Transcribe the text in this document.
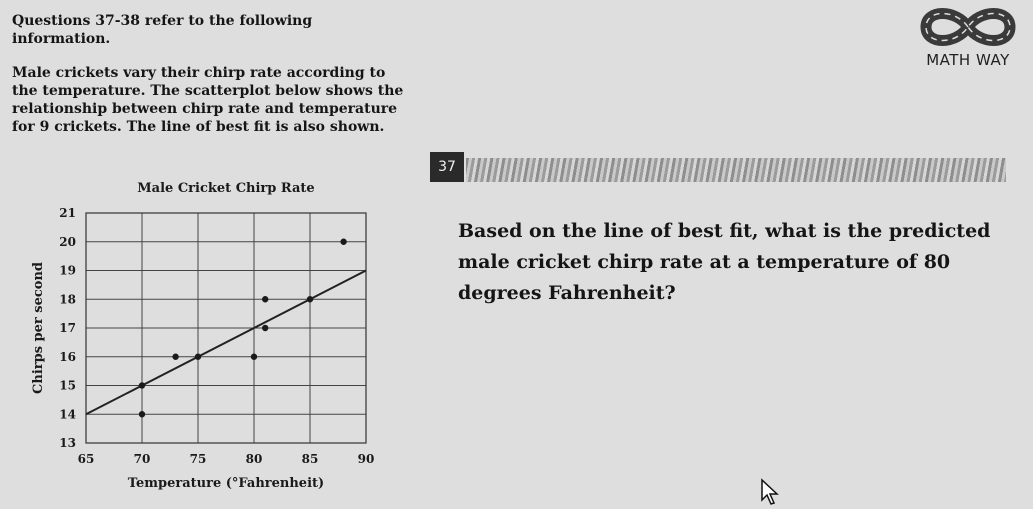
Questions 37-38 refer to the following information.

Male crickets vary their chirp rate according to the temperature. The scatterplot below shows the relationship between chirp rate and temperature for 9 crickets. The line of best fit is also shown.

MATH WAY
37
Based on the line of best fit, what is the predicted male cricket chirp rate at a temperature of 80 degrees Fahrenheit?
65	70	75	80	85	90
13
14
15
16
17
18
19
20
21
Male Cricket Chirp Rate
Temperature (°Fahrenheit)
Chirps per second
